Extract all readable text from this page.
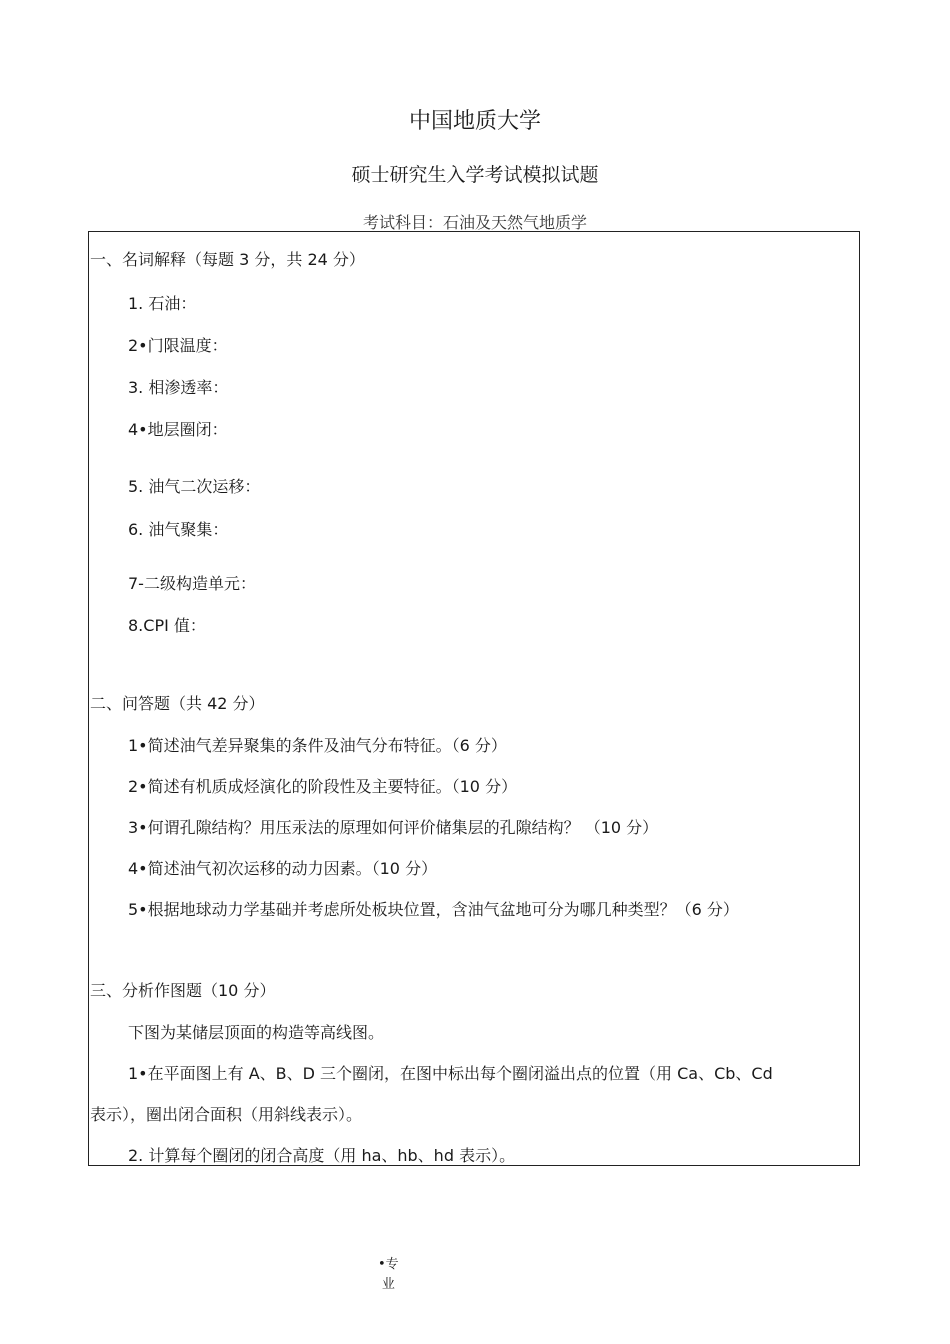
中国地质大学
硕士研究生入学考试模拟试题
考试科目：石油及天然气地质学
一、名词解释（每题 3 分，共 24 分）
1. 石油：
2•门限温度：
3. 相渗透率：
4•地层圈闭：
5. 油气二次运移：
6. 油气聚集：
7-二级构造单元：
8.CPI 值：
二、问答题（共 42 分）
1•简述油气差异聚集的条件及油气分布特征。（6 分）
2•简述有机质成烃演化的阶段性及主要特征。（10 分）
3•何谓孔隙结构？用压汞法的原理如何评价储集层的孔隙结构？ （10 分）
4•简述油气初次运移的动力因素。（10 分）
5•根据地球动力学基础并考虑所处板块位置，含油气盆地可分为哪几种类型？（6 分）
三、分析作图题（10 分）
下图为某储层顶面的构造等高线图。
1•在平面图上有 A、B、D 三个圈闭，在图中标出每个圈闭溢出点的位置（用 Ca、Cb、Cd
表示），圈出闭合面积（用斜线表示）。
2. 计算每个圈闭的闭合高度（用 ha、hb、hd 表示）。
•专
业
